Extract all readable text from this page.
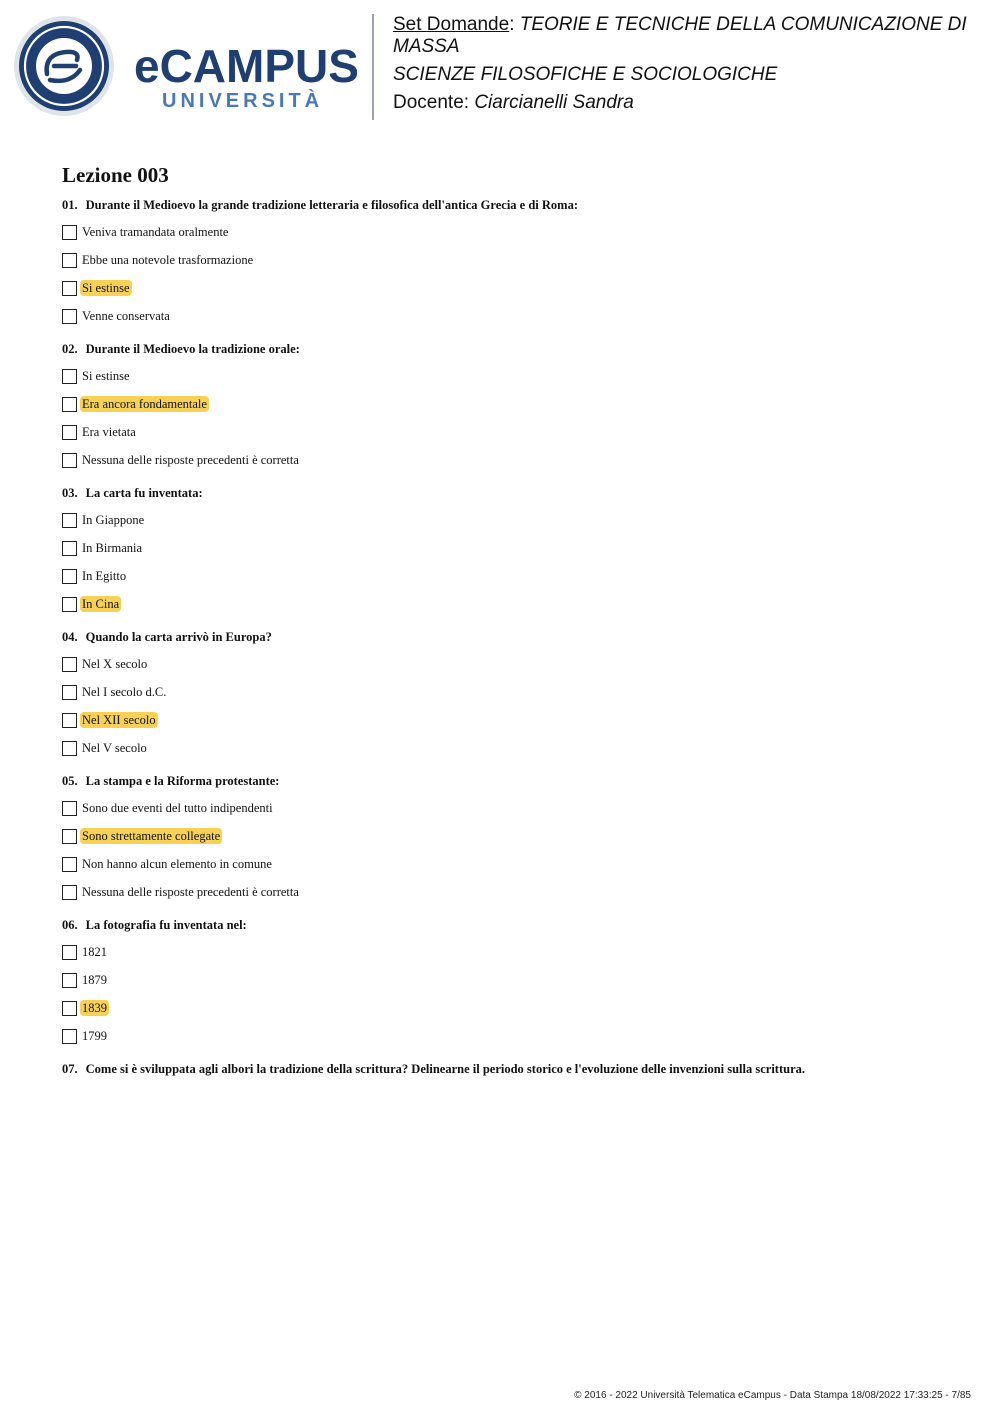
eCAMPUS
UNIVERSITÀ
Set Domande: TEORIE E TECNICHE DELLA COMUNICAZIONE DI MASSA
SCIENZE FILOSOFICHE E SOCIOLOGICHE
Docente: Ciarcianelli Sandra
Lezione 003
01. Durante il Medioevo la grande tradizione letteraria e filosofica dell'antica Grecia e di Roma:
Veniva tramandata oralmente
Ebbe una notevole trasformazione
Si estinse
Venne conservata
02. Durante il Medioevo la tradizione orale:
Si estinse
Era ancora fondamentale
Era vietata
Nessuna delle risposte precedenti è corretta
03. La carta fu inventata:
In Giappone
In Birmania
In Egitto
In Cina
04. Quando la carta arrivò in Europa?
Nel X secolo
Nel I secolo d.C.
Nel XII secolo
Nel V secolo
05. La stampa e la Riforma protestante:
Sono due eventi del tutto indipendenti
Sono strettamente collegate
Non hanno alcun elemento in comune
Nessuna delle risposte precedenti è corretta
06. La fotografia fu inventata nel:
1821
1879
1839
1799
07. Come si è sviluppata agli albori la tradizione della scrittura? Delinearne il periodo storico e l'evoluzione delle invenzioni sulla scrittura.
© 2016 - 2022 Università Telematica eCampus - Data Stampa 18/08/2022 17:33:25 - 7/85
